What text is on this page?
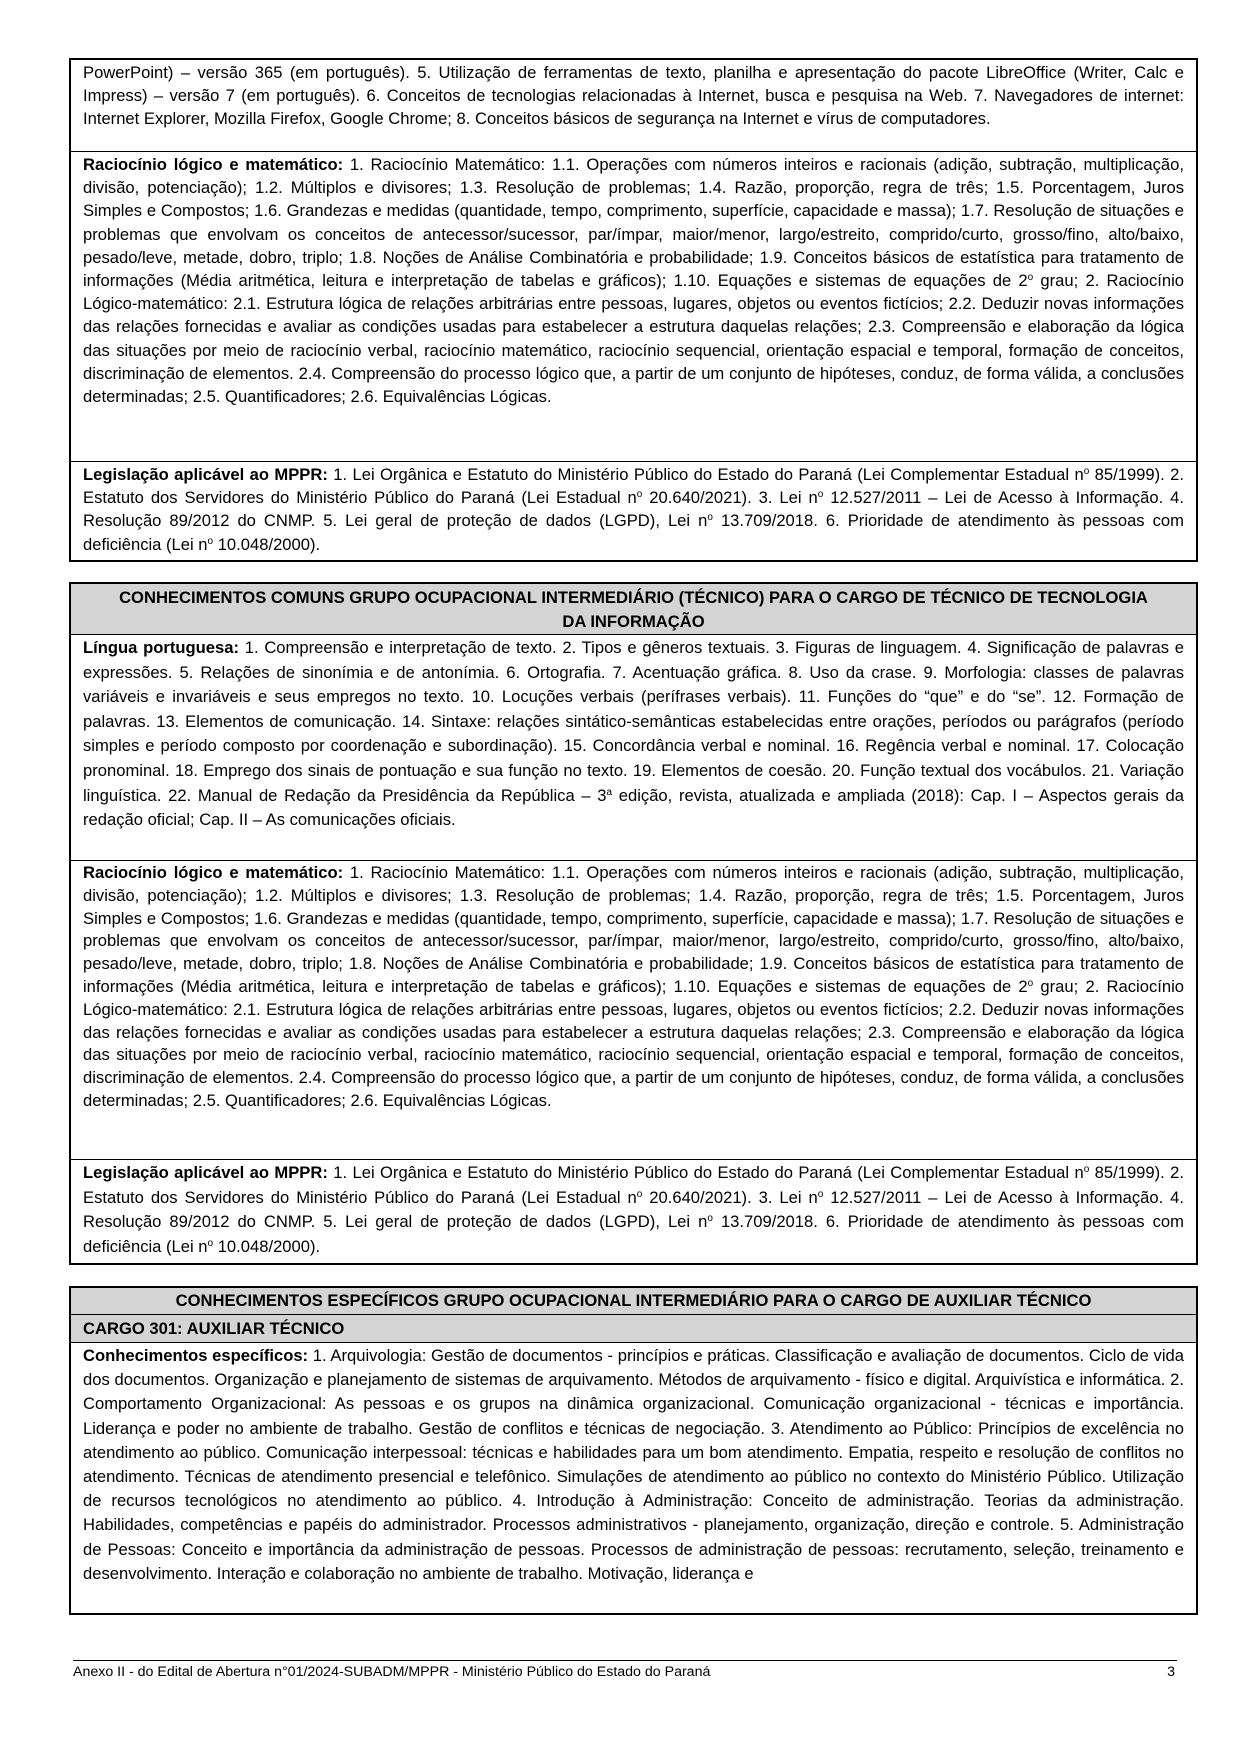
PowerPoint) – versão 365 (em português). 5. Utilização de ferramentas de texto, planilha e apresentação do pacote LibreOffice (Writer, Calc e Impress) – versão 7 (em português). 6. Conceitos de tecnologias relacionadas à Internet, busca e pesquisa na Web. 7. Navegadores de internet: Internet Explorer, Mozilla Firefox, Google Chrome; 8. Conceitos básicos de segurança na Internet e vírus de computadores.
Raciocínio lógico e matemático: 1. Raciocínio Matemático: 1.1. Operações com números inteiros e racionais (adição, subtração, multiplicação, divisão, potenciação); 1.2. Múltiplos e divisores; 1.3. Resolução de problemas; 1.4. Razão, proporção, regra de três; 1.5. Porcentagem, Juros Simples e Compostos; 1.6. Grandezas e medidas (quantidade, tempo, comprimento, superfície, capacidade e massa); 1.7. Resolução de situações e problemas que envolvam os conceitos de antecessor/sucessor, par/ímpar, maior/menor, largo/estreito, comprido/curto, grosso/fino, alto/baixo, pesado/leve, metade, dobro, triplo; 1.8. Noções de Análise Combinatória e probabilidade; 1.9. Conceitos básicos de estatística para tratamento de informações (Média aritmética, leitura e interpretação de tabelas e gráficos); 1.10. Equações e sistemas de equações de 2$^o$ grau; 2. Raciocínio Lógico-matemático: 2.1. Estrutura lógica de relações arbitrárias entre pessoas, lugares, objetos ou eventos fictícios; 2.2. Deduzir novas informações das relações fornecidas e avaliar as condições usadas para estabelecer a estrutura daquelas relações; 2.3. Compreensão e elaboração da lógica das situações por meio de raciocínio verbal, raciocínio matemático, raciocínio sequencial, orientação espacial e temporal, formação de conceitos, discriminação de elementos. 2.4. Compreensão do processo lógico que, a partir de um conjunto de hipóteses, conduz, de forma válida, a conclusões determinadas; 2.5. Quantificadores; 2.6. Equivalências Lógicas.
Legislação aplicável ao MPPR: 1. Lei Orgânica e Estatuto do Ministério Público do Estado do Paraná (Lei Complementar Estadual $n^o$ 85/1999). 2. Estatuto dos Servidores do Ministério Público do Paraná (Lei Estadual $n^o$ 20.640/2021). 3. Lei $n^o$ 12.527/2011 – Lei de Acesso à Informação. 4. Resolução 89/2012 do CNMP. 5. Lei geral de proteção de dados (LGPD), Lei $n^o$ 13.709/2018. 6. Prioridade de atendimento às pessoas com deficiência (Lei $n^o$ 10.048/2000).
CONHECIMENTOS COMUNS GRUPO OCUPACIONAL INTERMEDIÁRIO (TÉCNICO) PARA O CARGO DE TÉCNICO DE TECNOLOGIA DA INFORMAÇÃO
Língua portuguesa: 1. Compreensão e interpretação de texto. 2. Tipos e gêneros textuais. 3. Figuras de linguagem. 4. Significação de palavras e expressões. 5. Relações de sinonímia e de antonímia. 6. Ortografia. 7. Acentuação gráfica. 8. Uso da crase. 9. Morfologia: classes de palavras variáveis e invariáveis e seus empregos no texto. 10. Locuções verbais (perífrases verbais). 11. Funções do “que” e do “se”. 12. Formação de palavras. 13. Elementos de comunicação. 14. Sintaxe: relações sintático-semânticas estabelecidas entre orações, períodos ou parágrafos (período simples e período composto por coordenação e subordinação). 15. Concordância verbal e nominal. 16. Regência verbal e nominal. 17. Colocação pronominal. 18. Emprego dos sinais de pontuação e sua função no texto. 19. Elementos de coesão. 20. Função textual dos vocábulos. 21. Variação linguística. 22. Manual de Redação da Presidência da República – 3$^a$ edição, revista, atualizada e ampliada (2018): Cap. I – Aspectos gerais da redação oficial; Cap. II – As comunicações oficiais.
Raciocínio lógico e matemático: 1. Raciocínio Matemático: 1.1. Operações com números inteiros e racionais (adição, subtração, multiplicação, divisão, potenciação); 1.2. Múltiplos e divisores; 1.3. Resolução de problemas; 1.4. Razão, proporção, regra de três; 1.5. Porcentagem, Juros Simples e Compostos; 1.6. Grandezas e medidas (quantidade, tempo, comprimento, superfície, capacidade e massa); 1.7. Resolução de situações e problemas que envolvam os conceitos de antecessor/sucessor, par/ímpar, maior/menor, largo/estreito, comprido/curto, grosso/fino, alto/baixo, pesado/leve, metade, dobro, triplo; 1.8. Noções de Análise Combinatória e probabilidade; 1.9. Conceitos básicos de estatística para tratamento de informações (Média aritmética, leitura e interpretação de tabelas e gráficos); 1.10. Equações e sistemas de equações de 2$^o$ grau; 2. Raciocínio Lógico-matemático: 2.1. Estrutura lógica de relações arbitrárias entre pessoas, lugares, objetos ou eventos fictícios; 2.2. Deduzir novas informações das relações fornecidas e avaliar as condições usadas para estabelecer a estrutura daquelas relações; 2.3. Compreensão e elaboração da lógica das situações por meio de raciocínio verbal, raciocínio matemático, raciocínio sequencial, orientação espacial e temporal, formação de conceitos, discriminação de elementos. 2.4. Compreensão do processo lógico que, a partir de um conjunto de hipóteses, conduz, de forma válida, a conclusões determinadas; 2.5. Quantificadores; 2.6. Equivalências Lógicas.
Legislação aplicável ao MPPR: 1. Lei Orgânica e Estatuto do Ministério Público do Estado do Paraná (Lei Complementar Estadual $n^o$ 85/1999). 2. Estatuto dos Servidores do Ministério Público do Paraná (Lei Estadual $n^o$ 20.640/2021). 3. Lei $n^o$ 12.527/2011 – Lei de Acesso à Informação. 4. Resolução 89/2012 do CNMP. 5. Lei geral de proteção de dados (LGPD), Lei $n^o$ 13.709/2018. 6. Prioridade de atendimento às pessoas com deficiência (Lei $n^o$ 10.048/2000).
CONHECIMENTOS ESPECÍFICOS GRUPO OCUPACIONAL INTERMEDIÁRIO PARA O CARGO DE AUXILIAR TÉCNICO
CARGO 301: AUXILIAR TÉCNICO
Conhecimentos específicos: 1. Arquivologia: Gestão de documentos - princípios e práticas. Classificação e avaliação de documentos. Ciclo de vida dos documentos. Organização e planejamento de sistemas de arquivamento. Métodos de arquivamento - físico e digital. Arquivística e informática. 2. Comportamento Organizacional: As pessoas e os grupos na dinâmica organizacional. Comunicação organizacional - técnicas e importância. Liderança e poder no ambiente de trabalho. Gestão de conflitos e técnicas de negociação. 3. Atendimento ao Público: Princípios de excelência no atendimento ao público. Comunicação interpessoal: técnicas e habilidades para um bom atendimento. Empatia, respeito e resolução de conflitos no atendimento. Técnicas de atendimento presencial e telefônico. Simulações de atendimento ao público no contexto do Ministério Público. Utilização de recursos tecnológicos no atendimento ao público. 4. Introdução à Administração: Conceito de administração. Teorias da administração. Habilidades, competências e papéis do administrador. Processos administrativos - planejamento, organização, direção e controle. 5. Administração de Pessoas: Conceito e importância da administração de pessoas. Processos de administração de pessoas: recrutamento, seleção, treinamento e desenvolvimento. Interação e colaboração no ambiente de trabalho. Motivação, liderança e
Anexo II - do Edital de Abertura n°01/2024-SUBADM/MPPR - Ministério Público do Estado do Paraná	3
